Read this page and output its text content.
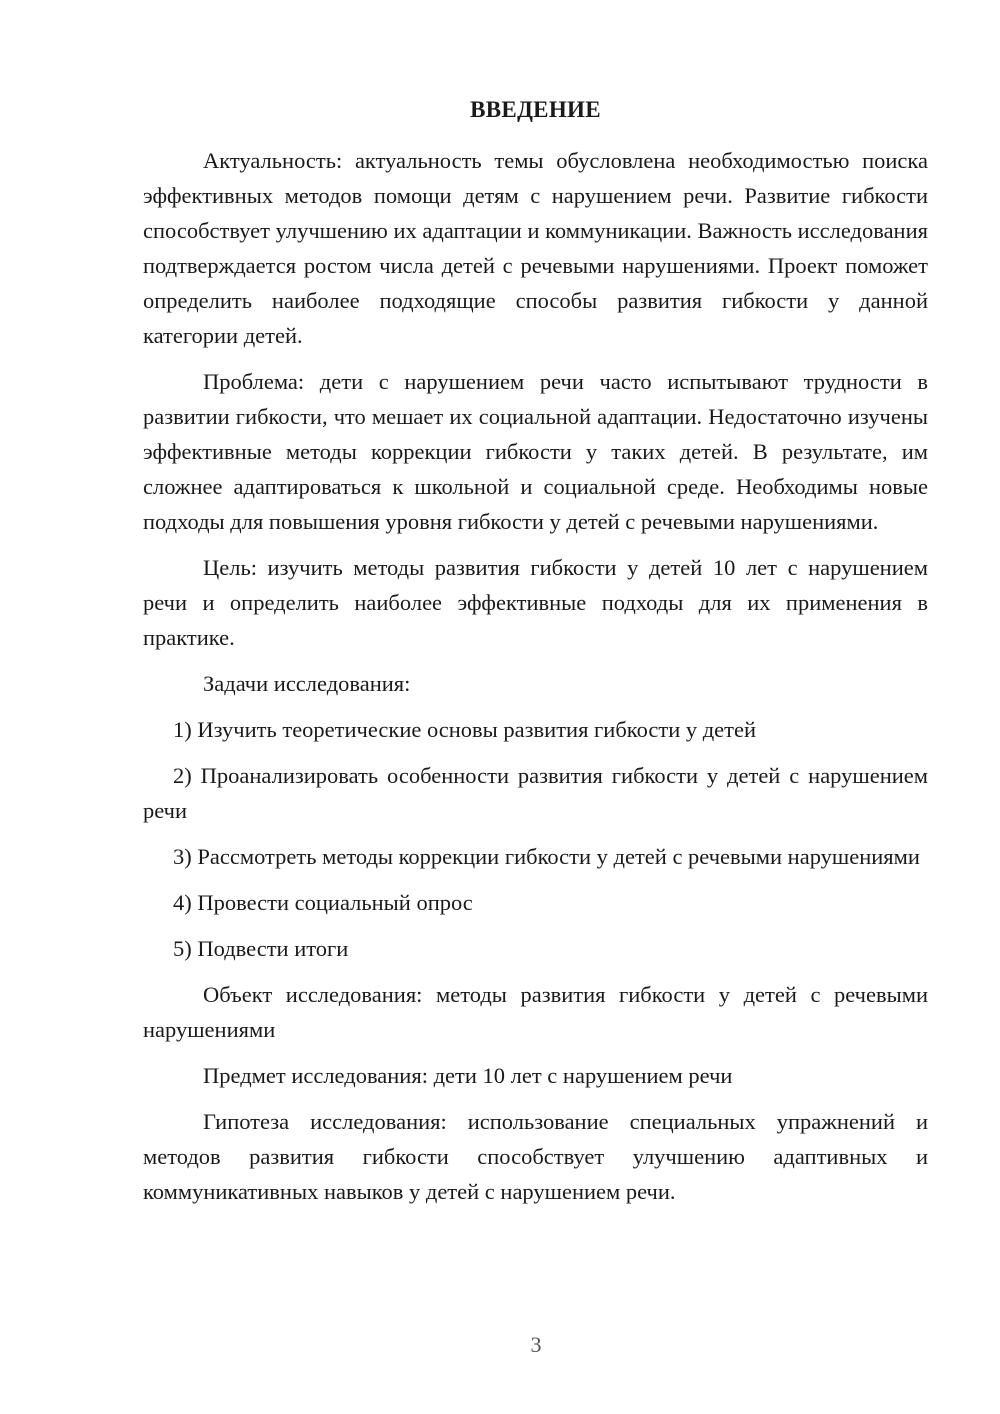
ВВЕДЕНИЕ

Актуальность: актуальность темы обусловлена необходимостью поиска эффективных методов помощи детям с нарушением речи. Развитие гибкости способствует улучшению их адаптации и коммуникации. Важность исследования подтверждается ростом числа детей с речевыми нарушениями. Проект поможет определить наиболее подходящие способы развития гибкости у данной категории детей.

Проблема: дети с нарушением речи часто испытывают трудности в развитии гибкости, что мешает их социальной адаптации. Недостаточно изучены эффективные методы коррекции гибкости у таких детей. В результате, им сложнее адаптироваться к школьной и социальной среде. Необходимы новые подходы для повышения уровня гибкости у детей с речевыми нарушениями.

Цель: изучить методы развития гибкости у детей 10 лет с нарушением речи и определить наиболее эффективные подходы для их применения в практике.

Задачи исследования:

1) Изучить теоретические основы развития гибкости у детей

2) Проанализировать особенности развития гибкости у детей с нарушением речи

3) Рассмотреть методы коррекции гибкости у детей с речевыми нарушениями

4) Провести социальный опрос

5) Подвести итоги

Объект исследования: методы развития гибкости у детей с речевыми нарушениями

Предмет исследования: дети 10 лет с нарушением речи

Гипотеза исследования: использование специальных упражнений и методов развития гибкости способствует улучшению адаптивных и коммуникативных навыков у детей с нарушением речи.

3
